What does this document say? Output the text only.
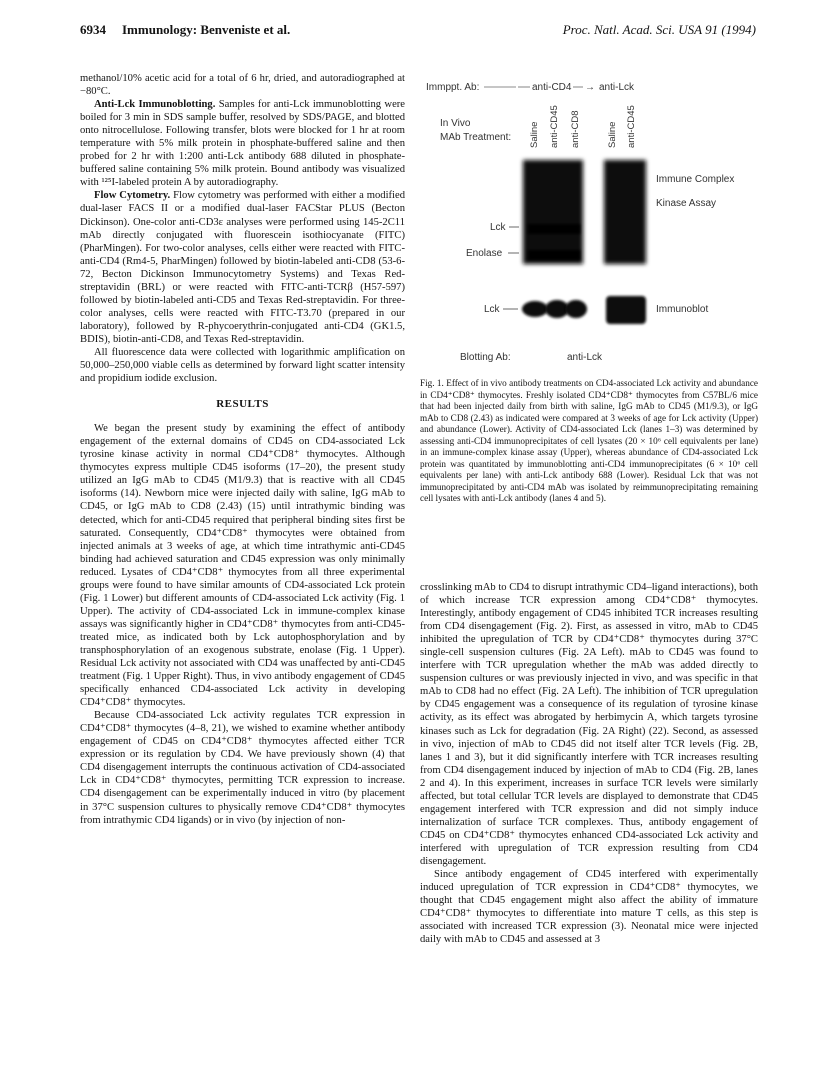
6934 Immunology: Benveniste et al.	Proc. Natl. Acad. Sci. USA 91 (1994)

methanol/10% acetic acid for a total of 6 hr, dried, and autoradiographed at −80°C.

Anti-Lck Immunoblotting. Samples for anti-Lck immunoblotting were boiled for 3 min in SDS sample buffer, resolved by SDS/PAGE, and blotted onto nitrocellulose. Following transfer, blots were blocked for 1 hr at room temperature with 5% milk protein in phosphate-buffered saline and then probed for 2 hr with 1:200 anti-Lck antibody 688 diluted in phosphate-buffered saline containing 5% milk protein. Bound antibody was visualized with ¹²⁵I-labeled protein A by autoradiography.

Flow Cytometry. Flow cytometry was performed with either a modified dual-laser FACS II or a modified dual-laser FACStar PLUS (Becton Dickinson). One-color anti-CD3ε analyses were performed using 145-2C11 mAb directly conjugated with fluorescein isothiocyanate (FITC) (PharMingen). For two-color analyses, cells either were reacted with FITC-anti-CD4 (Rm4-5, PharMingen) followed by biotin-labeled anti-CD8 (53-6-72, Becton Dickinson Immunocytometry Systems) and Texas Red-streptavidin (BRL) or were reacted with FITC-anti-TCRβ (H57-597) followed by biotin-labeled anti-CD5 and Texas Red-streptavidin. For three-color analyses, cells were reacted with FITC-T3.70 (prepared in our laboratory), followed by R-phycoerythrin-conjugated anti-CD4 (GK1.5, BDIS), biotin-anti-CD8, and Texas Red-streptavidin.

All fluorescence data were collected with logarithmic amplification on 50,000–250,000 viable cells as determined by forward light scatter intensity and propidium iodide exclusion.

RESULTS

We began the present study by examining the effect of antibody engagement of the external domains of CD45 on CD4-associated Lck tyrosine kinase activity in normal CD4⁺CD8⁺ thymocytes. Although thymocytes express multiple CD45 isoforms (17–20), the present study utilized an IgG mAb to CD45 (M1/9.3) that is reactive with all CD45 isoforms (14). Newborn mice were injected daily with saline, IgG mAb to CD45, or IgG mAb to CD8 (2.43) (15) until intrathymic binding was detected, which for anti-CD45 required that peripheral binding sites first be saturated. Consequently, CD4⁺CD8⁺ thymocytes were obtained from injected animals at 3 weeks of age, at which time intrathymic anti-CD45 binding had achieved saturation and CD45 expression was only minimally reduced. Lysates of CD4⁺CD8⁺ thymocytes from all three experimental groups were found to have similar amounts of CD4-associated Lck protein (Fig. 1 Lower) but different amounts of CD4-associated Lck activity (Fig. 1 Upper). The activity of CD4-associated Lck in immune-complex kinase assays was significantly higher in CD4⁺CD8⁺ thymocytes from anti-CD45-treated mice, as indicated both by Lck autophosphorylation and by transphosphorylation of an exogenous substrate, enolase (Fig. 1 Upper). Residual Lck activity not associated with CD4 was unaffected by anti-CD45 treatment (Fig. 1 Upper Right). Thus, in vivo antibody engagement of CD45 specifically enhanced CD4-associated Lck activity in developing CD4⁺CD8⁺ thymocytes.

Because CD4-associated Lck activity regulates TCR expression in CD4⁺CD8⁺ thymocytes (4–8, 21), we wished to examine whether antibody engagement of CD45 on CD4⁺CD8⁺ thymocytes affected either TCR expression or its regulation by CD4. We have previously shown (4) that CD4 disengagement interrupts the continuous activation of CD4-associated Lck in CD4⁺CD8⁺ thymocytes, permitting TCR expression to increase. CD4 disengagement can be experimentally induced in vitro (by placement in 37°C suspension cultures to physically remove CD4⁺CD8⁺ thymocytes from intrathymic CD4 ligands) or in vivo (by injection of non-

Immppt. Ab:	anti-CD4 → anti-Lck
In Vivo
MAb Treatment: Saline anti-CD45 anti-CD8	Saline anti-CD45
Lck
Enolase
Immune Complex
Kinase Assay
Lck	Immunoblot
Blotting Ab:	anti-Lck

Fig. 1. Effect of in vivo antibody treatments on CD4-associated Lck activity and abundance in CD4⁺CD8⁺ thymocytes. Freshly isolated CD4⁺CD8⁺ thymocytes from C57BL/6 mice that had been injected daily from birth with saline, IgG mAb to CD45 (M1/9.3), or IgG mAb to CD8 (2.43) as indicated were compared at 3 weeks of age for Lck activity (Upper) and abundance (Lower). Activity of CD4-associated Lck (lanes 1–3) was determined by assessing anti-CD4 immunoprecipitates of cell lysates (20 × 10⁶ cell equivalents per lane) in an immune-complex kinase assay (Upper), whereas abundance of CD4-associated Lck protein was quantitated by immunoblotting anti-CD4 immunoprecipitates (6 × 10⁶ cell equivalents per lane) with anti-Lck antibody 688 (Lower). Residual Lck that was not immunoprecipitated by anti-CD4 mAb was isolated by reimmunoprecipitating remaining cell lysates with anti-Lck antibody (lanes 4 and 5).

crosslinking mAb to CD4 to disrupt intrathymic CD4–ligand interactions), both of which increase TCR expression among CD4⁺CD8⁺ thymocytes. Interestingly, antibody engagement of CD45 inhibited TCR increases resulting from CD4 disengagement (Fig. 2). First, as assessed in vitro, mAb to CD45 inhibited the upregulation of TCR by CD4⁺CD8⁺ thymocytes during 37°C single-cell suspension cultures (Fig. 2A Left). mAb to CD45 was found to interfere with TCR upregulation whether the mAb was added directly to suspension cultures or was previously injected in vivo, and was specific in that mAb to CD8 had no effect (Fig. 2A Left). The inhibition of TCR upregulation by CD45 engagement was a consequence of its regulation of tyrosine kinase activity, as its effect was abrogated by herbimycin A, which targets tyrosine kinases such as Lck for degradation (Fig. 2A Right) (22). Second, as assessed in vivo, injection of mAb to CD45 did not itself alter TCR levels (Fig. 2B, lanes 1 and 3), but it did significantly interfere with TCR increases resulting from CD4 disengagement induced by injection of mAb to CD4 (Fig. 2B, lanes 2 and 4). In this experiment, increases in surface TCR levels were similarly affected, but total cellular TCR levels are displayed to demonstrate that CD45 engagement interfered with TCR expression and did not simply induce internalization of surface TCR complexes. Thus, antibody engagement of CD45 on CD4⁺CD8⁺ thymocytes enhanced CD4-associated Lck activity and interfered with upregulation of TCR expression resulting from CD4 disengagement.

Since antibody engagement of CD45 interfered with experimentally induced upregulation of TCR expression in CD4⁺CD8⁺ thymocytes, we thought that CD45 engagement might also affect the ability of immature CD4⁺CD8⁺ thymocytes to differentiate into mature T cells, as this step is associated with increased TCR expression (3). Neonatal mice were injected daily with mAb to CD45 and assessed at 3
